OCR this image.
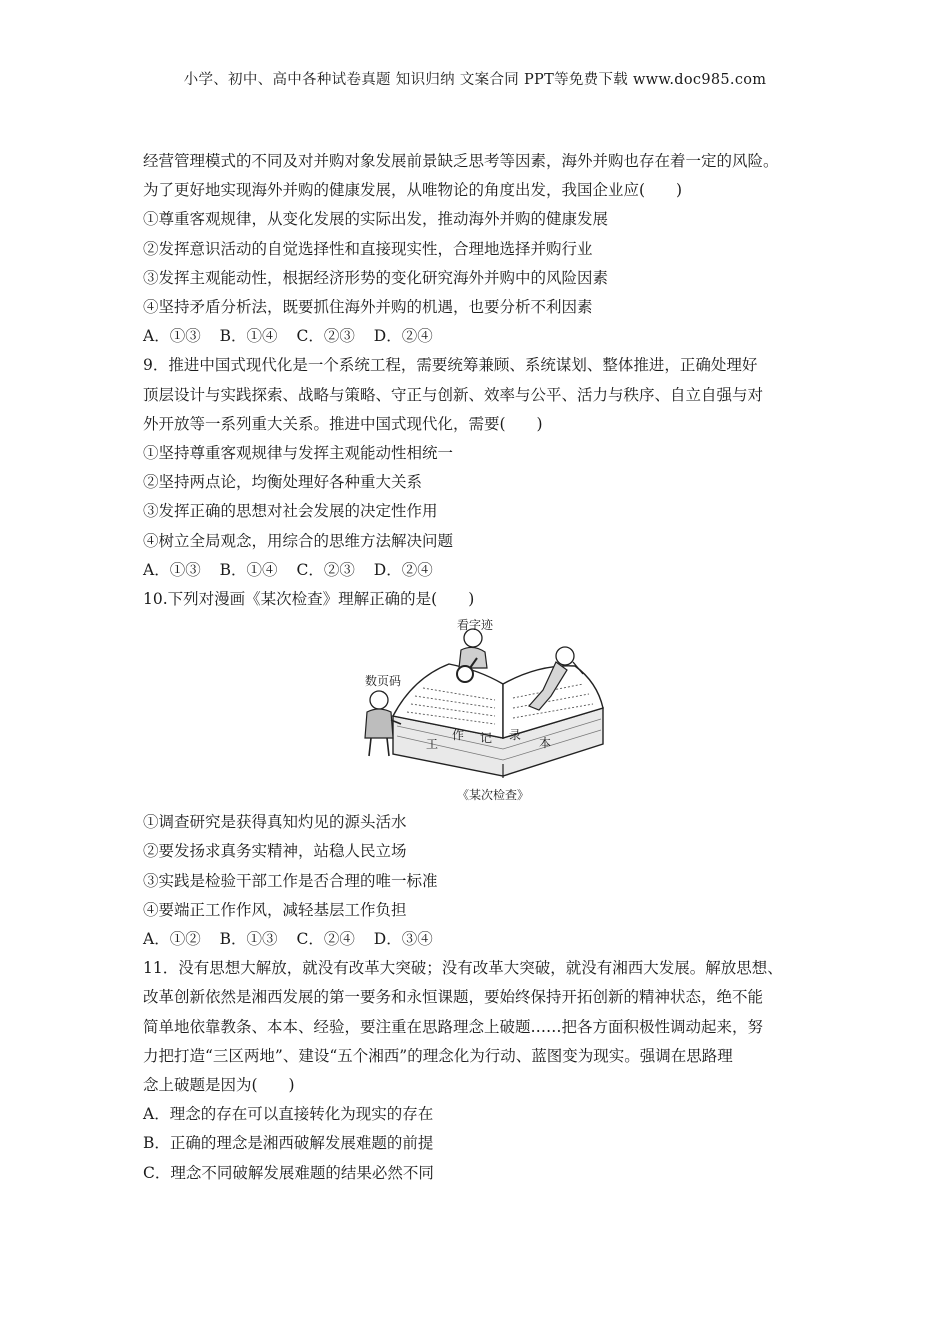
小学、初中、高中各种试卷真题 知识归纳 文案合同 PPT等免费下载 www.doc985.com
经营管理模式的不同及对并购对象发展前景缺乏思考等因素，海外并购也存在着一定的风险。
为了更好地实现海外并购的健康发展，从唯物论的角度出发，我国企业应(　　)
①尊重客观规律，从变化发展的实际出发，推动海外并购的健康发展
②发挥意识活动的自觉选择性和直接现实性，合理地选择并购行业
③发挥主观能动性，根据经济形势的变化研究海外并购中的风险因素
④坚持矛盾分析法，既要抓住海外并购的机遇，也要分析不利因素
A．①③ B．①④ C．②③ D．②④
9．推进中国式现代化是一个系统工程，需要统筹兼顾、系统谋划、整体推进，正确处理好
顶层设计与实践探索、战略与策略、守正与创新、效率与公平、活力与秩序、自立自强与对
外开放等一系列重大关系。推进中国式现代化，需要(　　)
①坚持尊重客观规律与发挥主观能动性相统一
②坚持两点论，均衡处理好各种重大关系
③发挥正确的思想对社会发展的决定性作用
④树立全局观念，用综合的思维方法解决问题
A．①③ B．①④ C．②③ D．②④
10.下列对漫画《某次检查》理解正确的是(　　)
看字迹
数页码
工
作 记 录
本
《某次检查》
①调查研究是获得真知灼见的源头活水
②要发扬求真务实精神，站稳人民立场
③实践是检验干部工作是否合理的唯一标准
④要端正工作作风，减轻基层工作负担
A．①② B．①③ C．②④ D．③④
11．没有思想大解放，就没有改革大突破；没有改革大突破，就没有湘西大发展。解放思想、
改革创新依然是湘西发展的第一要务和永恒课题，要始终保持开拓创新的精神状态，绝不能
简单地依靠教条、本本、经验，要注重在思路理念上破题……把各方面积极性调动起来，努
力把打造“三区两地”、建设“五个湘西”的理念化为行动、蓝图变为现实。强调在思路理
念上破题是因为(　　)
A．理念的存在可以直接转化为现实的存在
B．正确的理念是湘西破解发展难题的前提
C．理念不同破解发展难题的结果必然不同
